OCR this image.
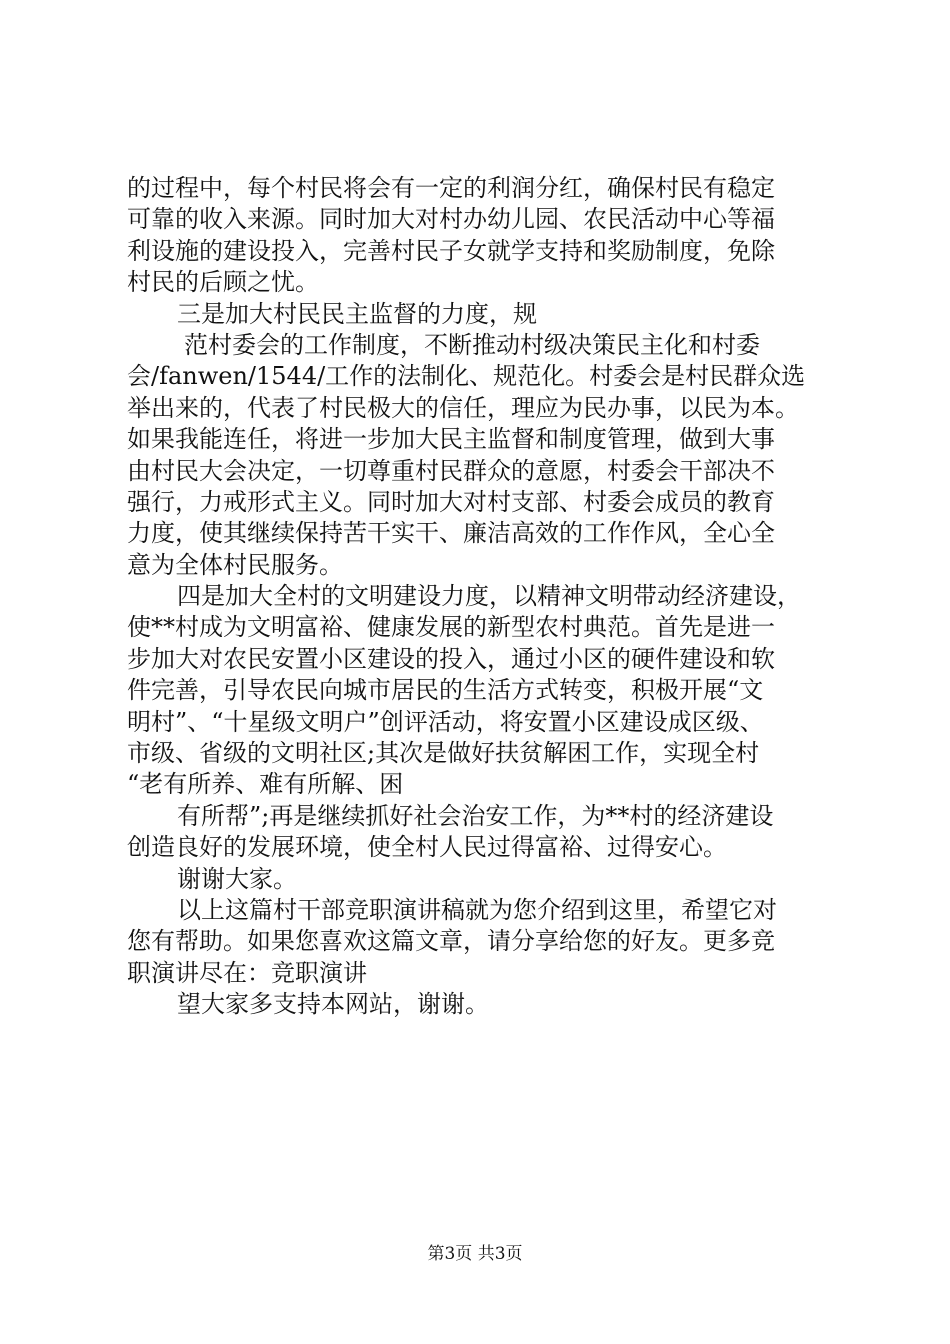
的过程中，每个村民将会有一定的利润分红，确保村民有稳定
可靠的收入来源。同时加大对村办幼儿园、农民活动中心等福
利设施的建设投入，完善村民子女就学支持和奖励制度，免除
村民的后顾之忧。
三是加大村民民主监督的力度，规
范村委会的工作制度，不断推动村级决策民主化和村委
会/fanwen/1544/工作的法制化、规范化。村委会是村民群众选
举出来的，代表了村民极大的信任，理应为民办事，以民为本。
如果我能连任，将进一步加大民主监督和制度管理，做到大事
由村民大会决定，一切尊重村民群众的意愿，村委会干部决不
强行，力戒形式主义。同时加大对村支部、村委会成员的教育
力度，使其继续保持苦干实干、廉洁高效的工作作风，全心全
意为全体村民服务。
四是加大全村的文明建设力度，以精神文明带动经济建设，
使**村成为文明富裕、健康发展的新型农村典范。首先是进一
步加大对农民安置小区建设的投入，通过小区的硬件建设和软
件完善，引导农民向城市居民的生活方式转变，积极开展“文
明村”、“十星级文明户”创评活动，将安置小区建设成区级、
市级、省级的文明社区;其次是做好扶贫解困工作，实现全村
“老有所养、难有所解、困
有所帮”;再是继续抓好社会治安工作，为**村的经济建设
创造良好的发展环境，使全村人民过得富裕、过得安心。
谢谢大家。
以上这篇村干部竞职演讲稿就为您介绍到这里，希望它对
您有帮助。如果您喜欢这篇文章，请分享给您的好友。更多竞
职演讲尽在：竞职演讲
望大家多支持本网站，谢谢。
第3页 共3页
